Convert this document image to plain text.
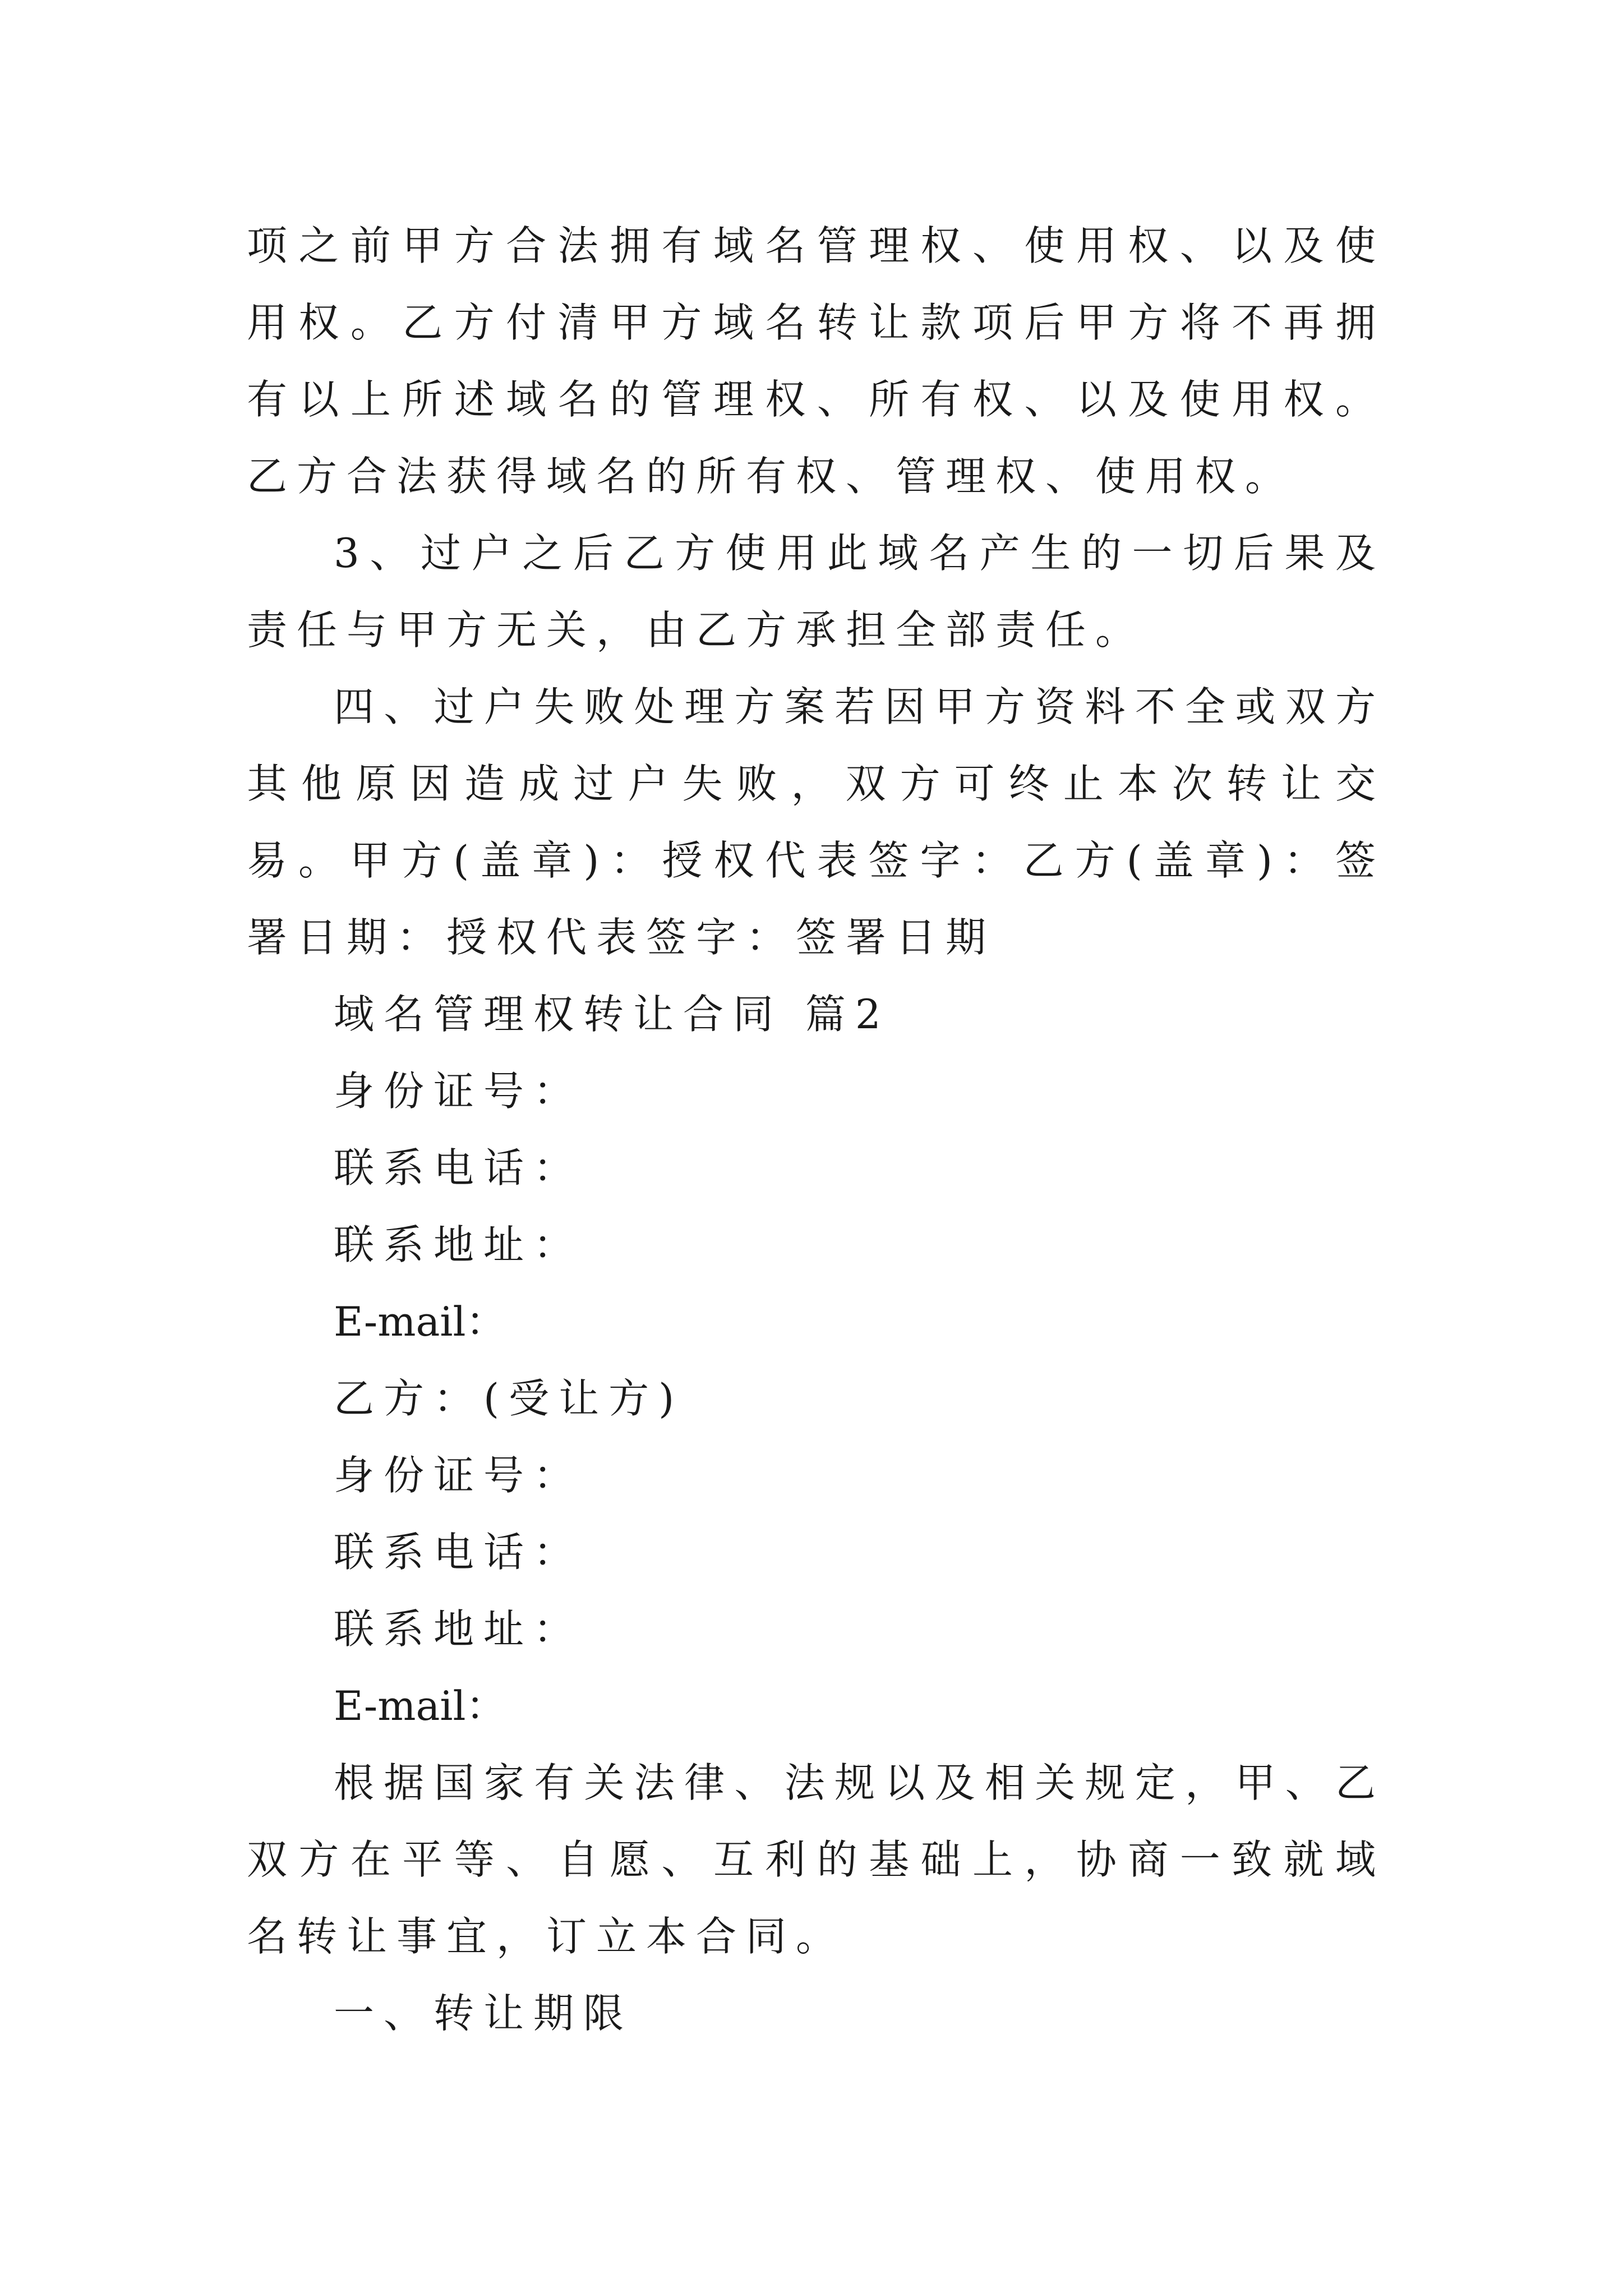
项之前甲方合法拥有域名管理权、使用权、以及使用权。乙方付清甲方域名转让款项后甲方将不再拥有以上所述域名的管理权、所有权、以及使用权。乙方合法获得域名的所有权、管理权、使用权。

3、过户之后乙方使用此域名产生的一切后果及责任与甲方无关，由乙方承担全部责任。

四、过户失败处理方案若因甲方资料不全或双方其他原因造成过户失败，双方可终止本次转让交易。甲方(盖章)：授权代表签字：乙方(盖章)：签署日期：授权代表签字：签署日期

域名管理权转让合同 篇2

身份证号：

联系电话：

联系地址：

E-mail：

乙方：(受让方)

身份证号：

联系电话：

联系地址：

E-mail：

根据国家有关法律、法规以及相关规定，甲、乙双方在平等、自愿、互利的基础上，协商一致就域名转让事宜，订立本合同。

一、转让期限
